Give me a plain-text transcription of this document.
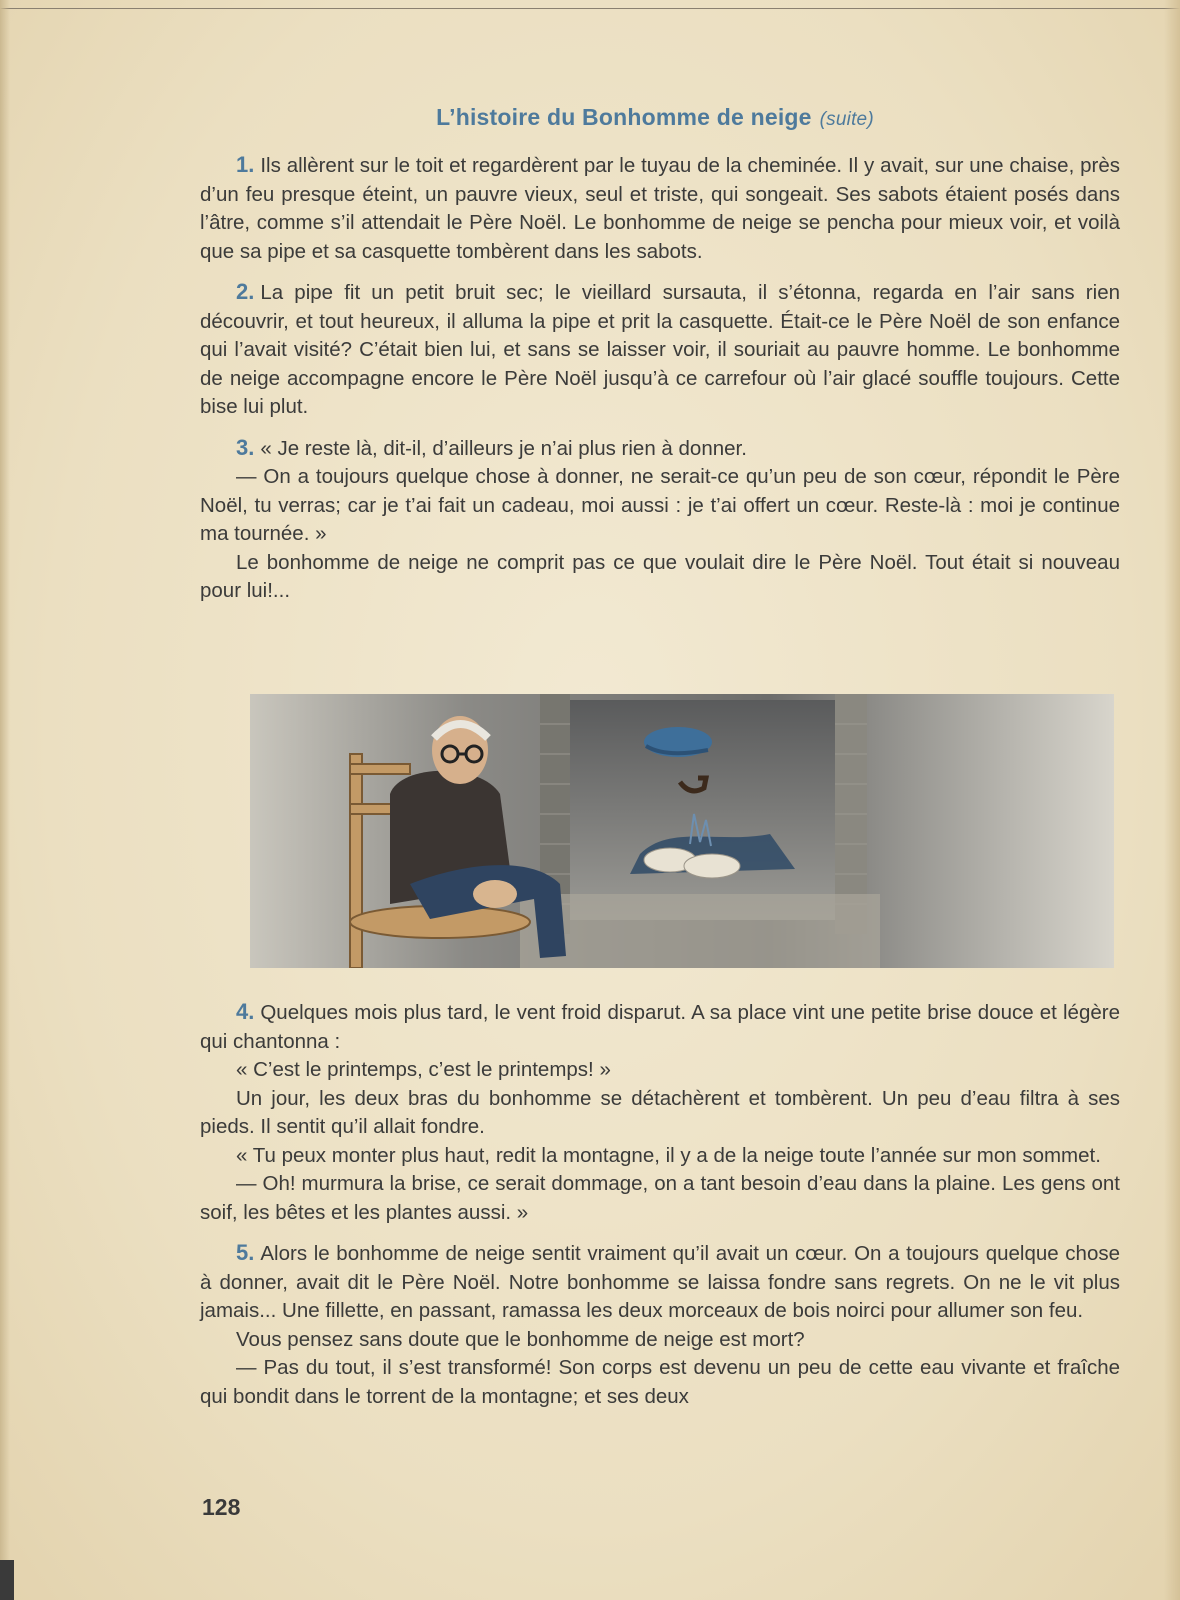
L’histoire du Bonhomme de neige (suite)

1. Ils allèrent sur le toit et regardèrent par le tuyau de la cheminée. Il y avait, sur une chaise, près d’un feu presque éteint, un pauvre vieux, seul et triste, qui songeait. Ses sabots étaient posés dans l’âtre, comme s’il attendait le Père Noël. Le bonhomme de neige se pencha pour mieux voir, et voilà que sa pipe et sa casquette tombèrent dans les sabots.

2. La pipe fit un petit bruit sec; le vieillard sursauta, il s’étonna, regarda en l’air sans rien découvrir, et tout heureux, il alluma la pipe et prit la casquette. Était-ce le Père Noël de son enfance qui l’avait visité? C’était bien lui, et sans se laisser voir, il souriait au pauvre homme. Le bonhomme de neige accompagne encore le Père Noël jusqu’à ce carrefour où l’air glacé souffle toujours. Cette bise lui plut.

3. « Je reste là, dit-il, d’ailleurs je n’ai plus rien à donner.

— On a toujours quelque chose à donner, ne serait-ce qu’un peu de son cœur, répondit le Père Noël, tu verras; car je t’ai fait un cadeau, moi aussi : je t’ai offert un cœur. Reste-là : moi je continue ma tournée. »

Le bonhomme de neige ne comprit pas ce que voulait dire le Père Noël. Tout était si nouveau pour lui!...

4. Quelques mois plus tard, le vent froid disparut. A sa place vint une petite brise douce et légère qui chantonna :

« C’est le printemps, c’est le printemps! »

Un jour, les deux bras du bonhomme se détachèrent et tombèrent. Un peu d’eau filtra à ses pieds. Il sentit qu’il allait fondre.

« Tu peux monter plus haut, redit la montagne, il y a de la neige toute l’année sur mon sommet.

— Oh! murmura la brise, ce serait dommage, on a tant besoin d’eau dans la plaine. Les gens ont soif, les bêtes et les plantes aussi. »

5. Alors le bonhomme de neige sentit vraiment qu’il avait un cœur. On a toujours quelque chose à donner, avait dit le Père Noël. Notre bonhomme se laissa fondre sans regrets. On ne le vit plus jamais... Une fillette, en passant, ramassa les deux morceaux de bois noirci pour allumer son feu.

Vous pensez sans doute que le bonhomme de neige est mort?

— Pas du tout, il s’est transformé! Son corps est devenu un peu de cette eau vivante et fraîche qui bondit dans le torrent de la montagne; et ses deux

128
